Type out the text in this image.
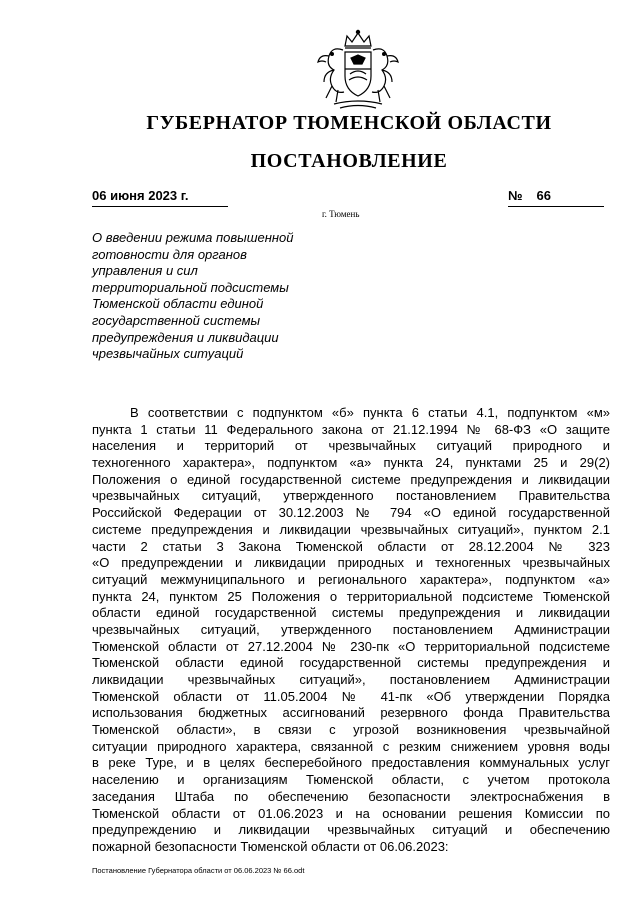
ГУБЕРНАТОР ТЮМЕНСКОЙ ОБЛАСТИ
ПОСТАНОВЛЕНИЕ
06 июня 2023 г.	№ 66
г. Тюмень
О введении режима повышенной
готовности для органов
управления и сил
территориальной подсистемы
Тюменской области единой
государственной системы
предупреждения и ликвидации
чрезвычайных ситуаций
В соответствии с подпунктом «б» пункта 6 статьи 4.1, подпунктом «м»
пункта 1 статьи 11 Федерального закона от 21.12.1994 № 68-ФЗ «О защите
населения и территорий от чрезвычайных ситуаций природного и
техногенного характера», подпунктом «а» пункта 24, пунктами 25 и 29(2)
Положения о единой государственной системе предупреждения и ликвидации
чрезвычайных ситуаций, утвержденного постановлением Правительства
Российской Федерации от 30.12.2003 № 794 «О единой государственной
системе предупреждения и ликвидации чрезвычайных ситуаций», пунктом 2.1
части 2 статьи 3 Закона Тюменской области от 28.12.2004 № 323
«О предупреждении и ликвидации природных и техногенных чрезвычайных
ситуаций межмуниципального и регионального характера», подпунктом «а»
пункта 24, пунктом 25 Положения о территориальной подсистеме Тюменской
области единой государственной системы предупреждения и ликвидации
чрезвычайных ситуаций, утвержденного постановлением Администрации
Тюменской области от 27.12.2004 № 230-пк «О территориальной подсистеме
Тюменской области единой государственной системы предупреждения и
ликвидации чрезвычайных ситуаций», постановлением Администрации
Тюменской области от 11.05.2004 № 41-пк «Об утверждении Порядка
использования бюджетных ассигнований резервного фонда Правительства
Тюменской области», в связи с угрозой возникновения чрезвычайной
ситуации природного характера, связанной с резким снижением уровня воды
в реке Туре, и в целях бесперебойного предоставления коммунальных услуг
населению и организациям Тюменской области, с учетом протокола
заседания Штаба по обеспечению безопасности электроснабжения в
Тюменской области от 01.06.2023 и на основании решения Комиссии по
предупреждению и ликвидации чрезвычайных ситуаций и обеспечению
пожарной безопасности Тюменской области от 06.06.2023:
Постановление Губернатора области от 06.06.2023 № 66.odt
